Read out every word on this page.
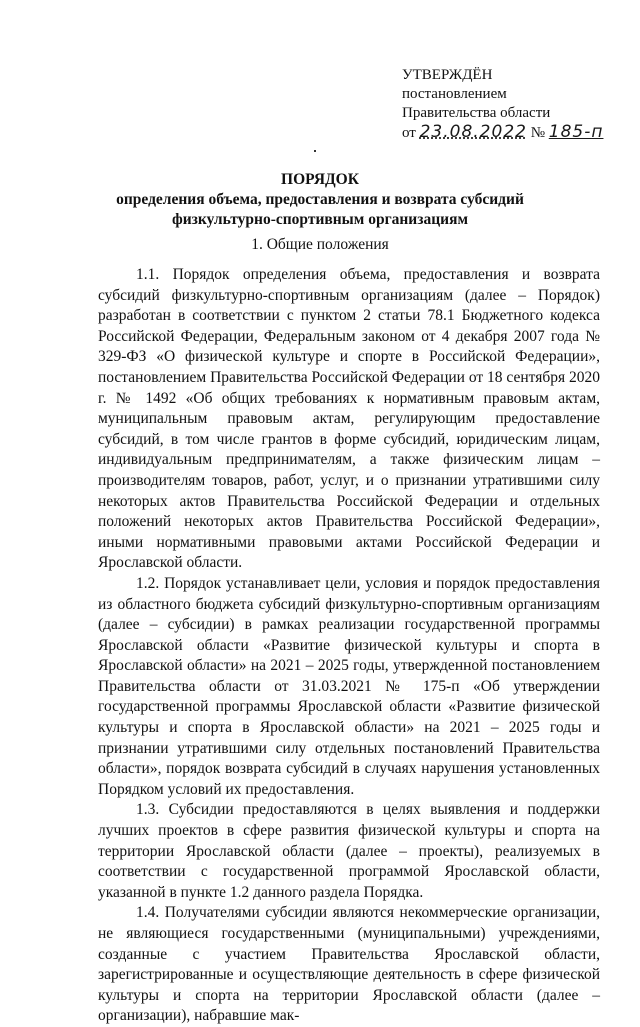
УТВЕРЖДЁН
постановлением
Правительства области
от 23.08.2022 № 185-п
ПОРЯДОК
определения объема, предоставления и возврата субсидий
физкультурно-спортивным организациям
1. Общие положения

1.1. Порядок определения объема, предоставления и возврата субсидий физкультурно-спортивным организациям (далее – Порядок) разработан в соответствии с пунктом 2 статьи 78.1 Бюджетного кодекса Российской Федерации, Федеральным законом от 4 декабря 2007 года № 329-ФЗ «О физической культуре и спорте в Российской Федерации», постановлением Правительства Российской Федерации от 18 сентября 2020 г. № 1492 «Об общих требованиях к нормативным правовым актам, муниципальным правовым актам, регулирующим предоставление субсидий, в том числе грантов в форме субсидий, юридическим лицам, индивидуальным предпринимателям, а также физическим лицам – производителям товаров, работ, услуг, и о признании утратившими силу некоторых актов Правительства Российской Федерации и отдельных положений некоторых актов Правительства Российской Федерации», иными нормативными правовыми актами Российской Федерации и Ярославской области.

1.2. Порядок устанавливает цели, условия и порядок предоставления из областного бюджета субсидий физкультурно-спортивным организациям (далее – субсидии) в рамках реализации государственной программы Ярославской области «Развитие физической культуры и спорта в Ярославской области» на 2021 – 2025 годы, утвержденной постановлением Правительства области от 31.03.2021 № 175-п «Об утверждении государственной программы Ярославской области «Развитие физической культуры и спорта в Ярославской области» на 2021 – 2025 годы и признании утратившими силу отдельных постановлений Правительства области», порядок возврата субсидий в случаях нарушения установленных Порядком условий их предоставления.

1.3. Субсидии предоставляются в целях выявления и поддержки лучших проектов в сфере развития физической культуры и спорта на территории Ярославской области (далее – проекты), реализуемых в соответствии с государственной программой Ярославской области, указанной в пункте 1.2 данного раздела Порядка.

1.4. Получателями субсидии являются некоммерческие организации, не являющиеся государственными (муниципальными) учреждениями, созданные с участием Правительства Ярославской области, зарегистрированные и осуществляющие деятельность в сфере физической культуры и спорта на территории Ярославской области (далее – организации), набравшие мак-
